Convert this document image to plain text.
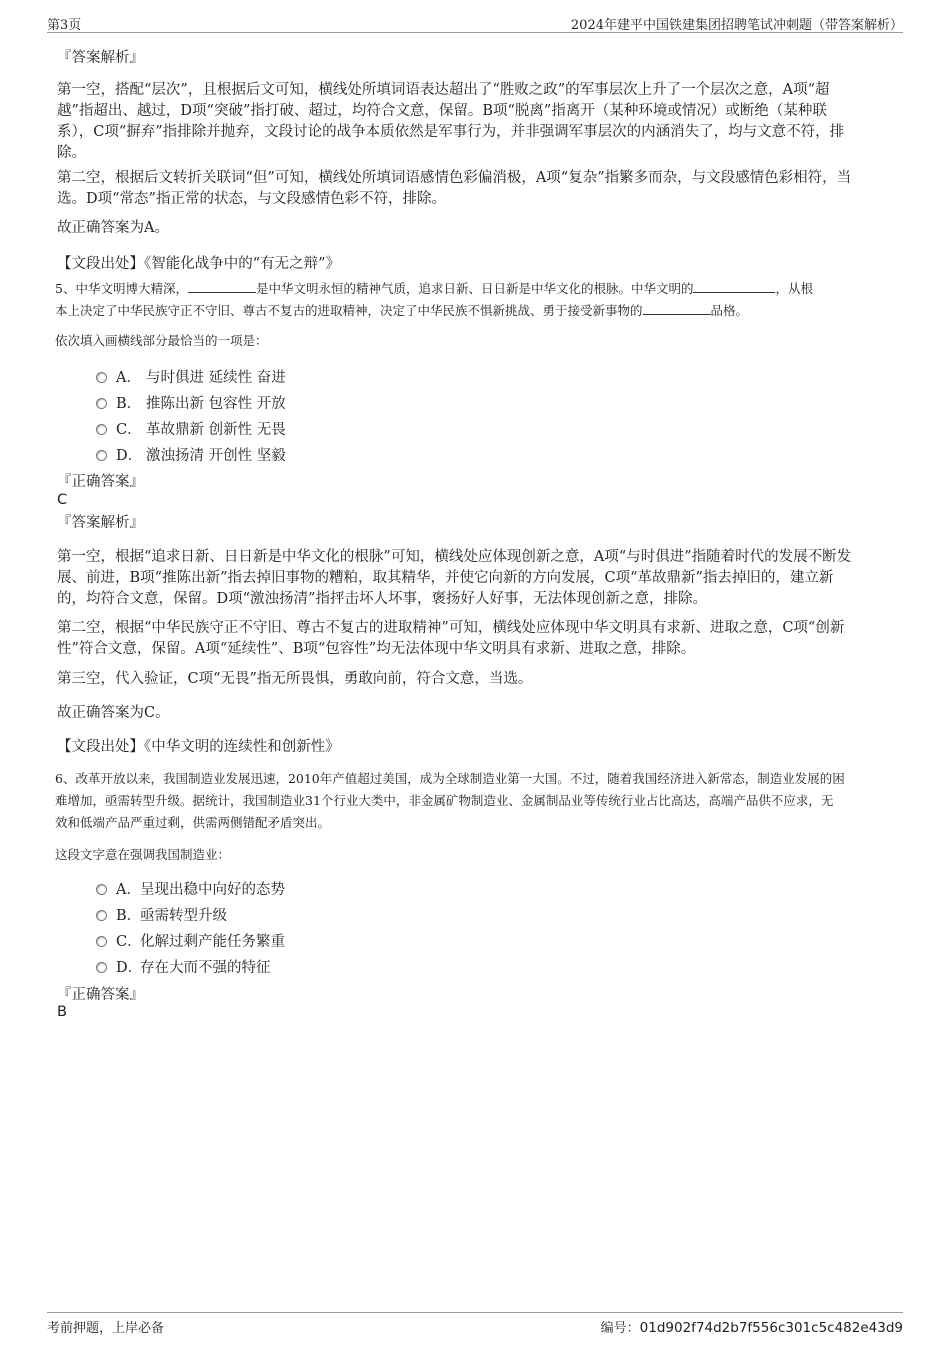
第3页	2024年建平中国铁建集团招聘笔试冲刺题（带答案解析）
『答案解析』
第一空，搭配“层次”，且根据后文可知，横线处所填词语表达超出了“胜败之政”的军事层次上升了一个层次之意，A项“超
越”指超出、越过，D项“突破”指打破、超过，均符合文意，保留。B项“脱离”指离开（某种环境或情况）或断绝（某种联
系），C项“摒弃”指排除并抛弃，文段讨论的战争本质依然是军事行为，并非强调军事层次的内涵消失了，均与文意不符，排
除。
第二空，根据后文转折关联词“但”可知，横线处所填词语感情色彩偏消极，A项“复杂”指繁多而杂，与文段感情色彩相符，当
选。D项“常态”指正常的状态，与文段感情色彩不符，排除。
故正确答案为A。
【文段出处】《智能化战争中的“有无之辩”》
5、中华文明博大精深，	是中华文明永恒的精神气质，追求日新、日日新是中华文化的根脉。中华文明的	，从根
本上决定了中华民族守正不守旧、尊古不复古的进取精神，决定了中华民族不惧新挑战、勇于接受新事物的	品格。
依次填入画横线部分最恰当的一项是：
A． 与时俱进 延续性 奋进
B． 推陈出新 包容性 开放
C． 革故鼎新 创新性 无畏
D． 激浊扬清 开创性 坚毅
『正确答案』
C
『答案解析』
第一空，根据“追求日新、日日新是中华文化的根脉”可知，横线处应体现创新之意，A项“与时俱进”指随着时代的发展不断发
展、前进，B项“推陈出新”指去掉旧事物的糟粕，取其精华，并使它向新的方向发展，C项“革故鼎新”指去掉旧的，建立新
的，均符合文意，保留。D项“激浊扬清”指抨击坏人坏事，褒扬好人好事，无法体现创新之意，排除。
第二空，根据“中华民族守正不守旧、尊古不复古的进取精神”可知，横线处应体现中华文明具有求新、进取之意，C项“创新
性”符合文意，保留。A项“延续性”、B项“包容性”均无法体现中华文明具有求新、进取之意，排除。
第三空，代入验证，C项“无畏”指无所畏惧，勇敢向前，符合文意，当选。
故正确答案为C。
【文段出处】《中华文明的连续性和创新性》
6、改革开放以来，我国制造业发展迅速，2010年产值超过美国，成为全球制造业第一大国。不过，随着我国经济进入新常态，制造业发展的困
难增加，亟需转型升级。据统计，我国制造业31个行业大类中，非金属矿物制造业、金属制品业等传统行业占比高达，高端产品供不应求，无
效和低端产品严重过剩，供需两侧错配矛盾突出。
这段文字意在强调我国制造业：
A．呈现出稳中向好的态势
B．亟需转型升级
C．化解过剩产能任务繁重
D．存在大而不强的特征
『正确答案』
B
考前押题，上岸必备	编号：01d902f74d2b7f556c301c5c482e43d9
